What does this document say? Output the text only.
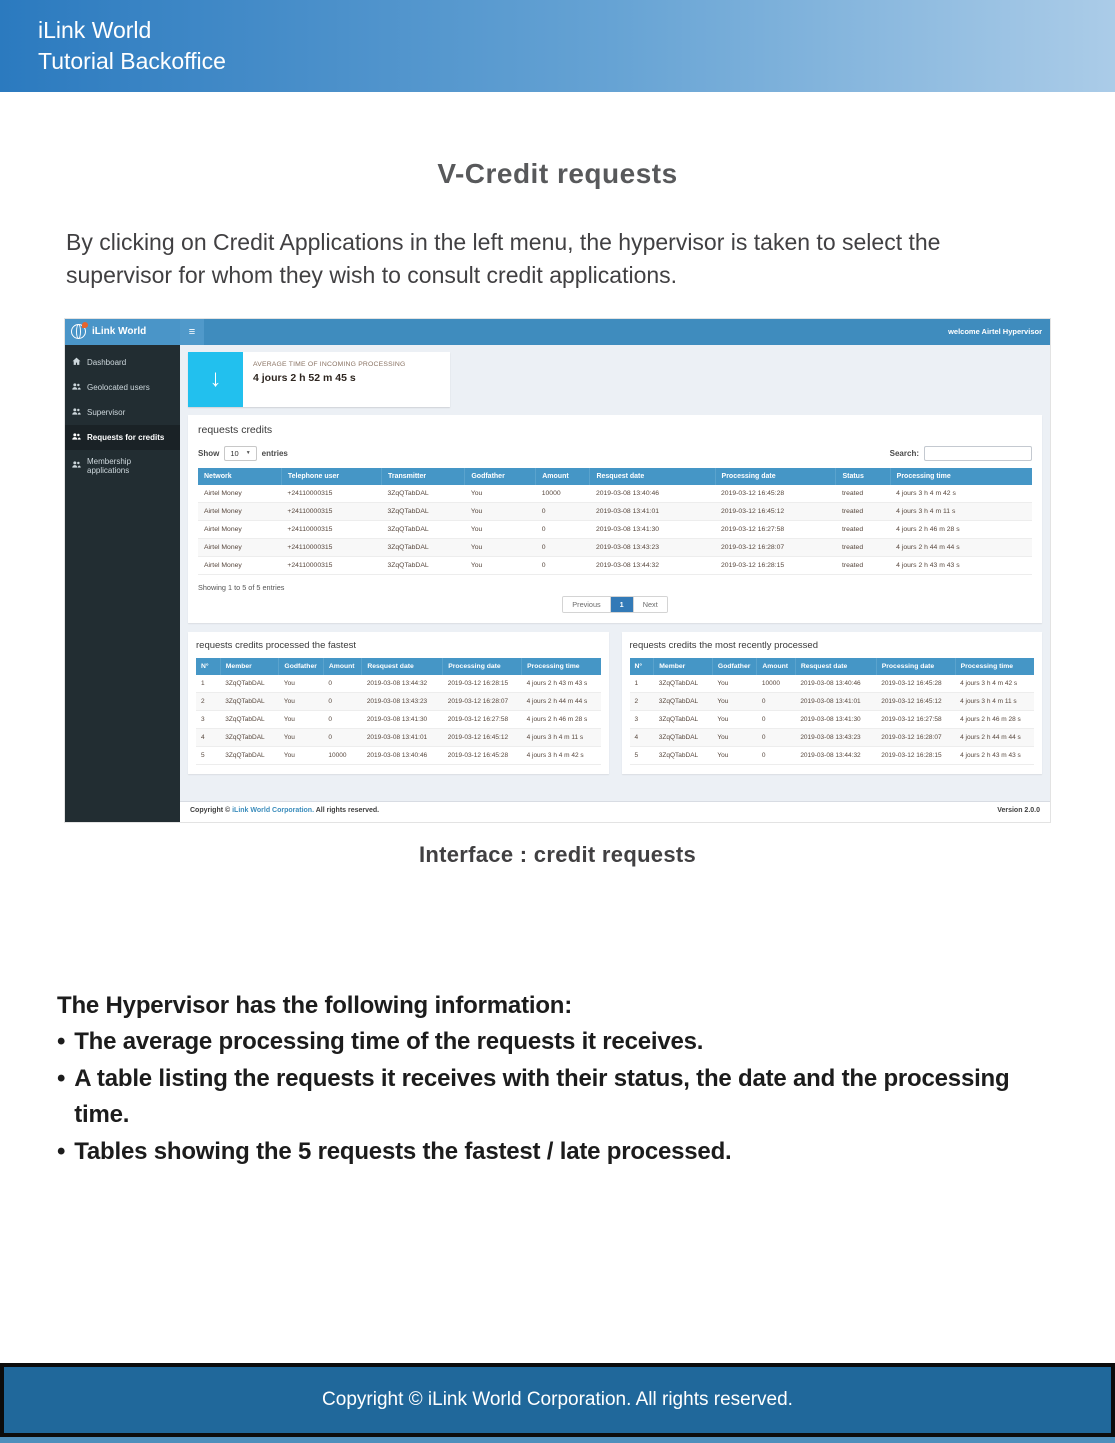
iLink World
Tutorial Backoffice
V-Credit requests
By clicking on Credit Applications in the left menu, the hypervisor is taken to select the supervisor for whom they wish to consult credit applications.
iLink World	≡	welcome Airtel Hypervisor
Dashboard
Geolocated users
Supervisor
Requests for credits
Membership applications
↓
AVERAGE TIME OF INCOMING PROCESSING
4 jours 2 h 52 m 45 s
requests credits
Show 10 ▼ entries	Search:
Network	Telephone user	Transmitter	Godfather	Amount	Resquest date	Processing date	Status	Processing time
Airtel Money	+24110000315	3ZqQTabDAL	You	10000	2019-03-08 13:40:46	2019-03-12 16:45:28	treated	4 jours 3 h 4 m 42 s
Airtel Money	+24110000315	3ZqQTabDAL	You	0	2019-03-08 13:41:01	2019-03-12 16:45:12	treated	4 jours 3 h 4 m 11 s
Airtel Money	+24110000315	3ZqQTabDAL	You	0	2019-03-08 13:41:30	2019-03-12 16:27:58	treated	4 jours 2 h 46 m 28 s
Airtel Money	+24110000315	3ZqQTabDAL	You	0	2019-03-08 13:43:23	2019-03-12 16:28:07	treated	4 jours 2 h 44 m 44 s
Airtel Money	+24110000315	3ZqQTabDAL	You	0	2019-03-08 13:44:32	2019-03-12 16:28:15	treated	4 jours 2 h 43 m 43 s
Showing 1 to 5 of 5 entries
Previous	1	Next
requests credits processed the fastest
N°	Member	Godfather	Amount	Resquest date	Processing date	Processing time
1	3ZqQTabDAL	You	0	2019-03-08 13:44:32	2019-03-12 16:28:15	4 jours 2 h 43 m 43 s
2	3ZqQTabDAL	You	0	2019-03-08 13:43:23	2019-03-12 16:28:07	4 jours 2 h 44 m 44 s
3	3ZqQTabDAL	You	0	2019-03-08 13:41:30	2019-03-12 16:27:58	4 jours 2 h 46 m 28 s
4	3ZqQTabDAL	You	0	2019-03-08 13:41:01	2019-03-12 16:45:12	4 jours 3 h 4 m 11 s
5	3ZqQTabDAL	You	10000	2019-03-08 13:40:46	2019-03-12 16:45:28	4 jours 3 h 4 m 42 s
requests credits the most recently processed
N°	Member	Godfather	Amount	Resquest date	Processing date	Processing time
1	3ZqQTabDAL	You	10000	2019-03-08 13:40:46	2019-03-12 16:45:28	4 jours 3 h 4 m 42 s
2	3ZqQTabDAL	You	0	2019-03-08 13:41:01	2019-03-12 16:45:12	4 jours 3 h 4 m 11 s
3	3ZqQTabDAL	You	0	2019-03-08 13:41:30	2019-03-12 16:27:58	4 jours 2 h 46 m 28 s
4	3ZqQTabDAL	You	0	2019-03-08 13:43:23	2019-03-12 16:28:07	4 jours 2 h 44 m 44 s
5	3ZqQTabDAL	You	0	2019-03-08 13:44:32	2019-03-12 16:28:15	4 jours 2 h 43 m 43 s
Copyright © iLink World Corporation. All rights reserved.	Version 2.0.0
Interface : credit requests
The Hypervisor has the following information:
• The average processing time of the requests it receives.
• A table listing the requests it receives with their status, the date and the processing time.
• Tables showing the 5 requests the fastest / late processed.
Copyright © iLink World Corporation. All rights reserved.
